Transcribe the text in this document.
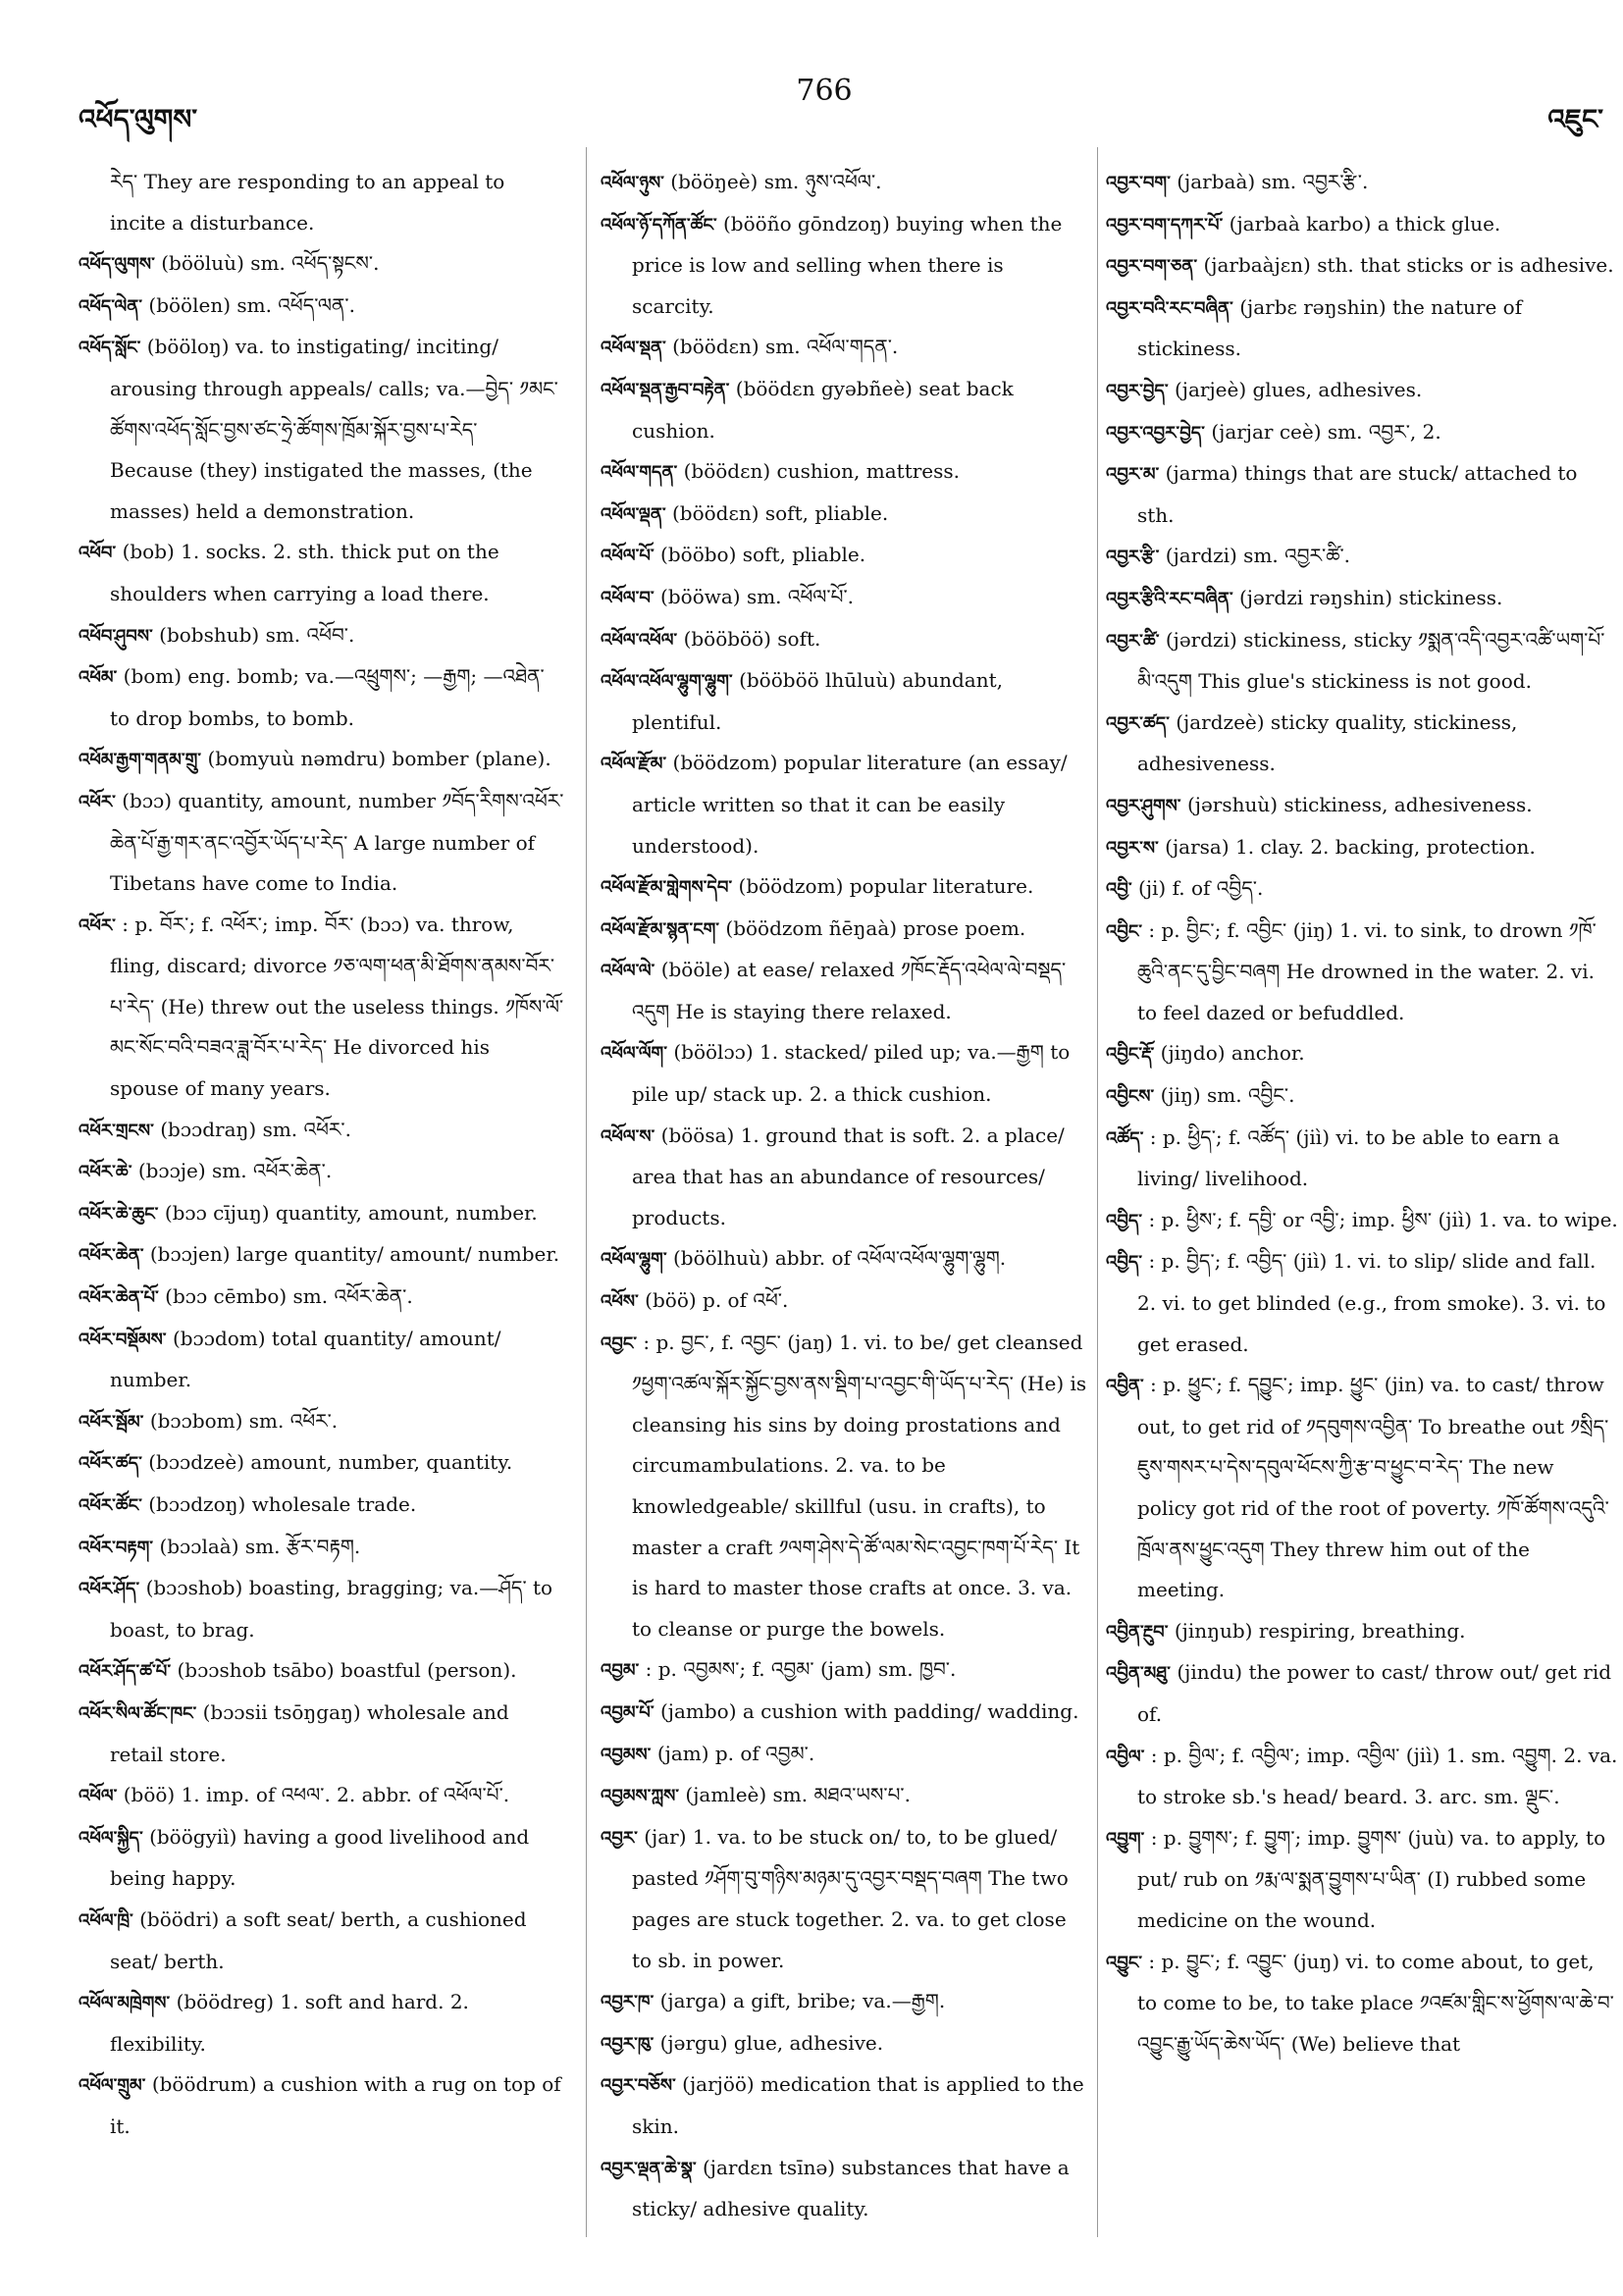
འཕོད་ལུགས་
766
འཇུང་

རེད་ They are responding to an appeal to incite a disturbance.

འཕོད་ལུགས་ (bööluù) sm. འཕོད་སྟངས་.

འཕོད་ལེན་ (böölen) sm. འཕོད་ལན་.

འཕོད་སློང་ (bööloŋ) va. to instigating/ inciting/ arousing through appeals/ calls; va.—བྱེད་ ༡མང་ཚོགས་འཕོད་སློང་བྱས་ཙང་ཧྲེ་ཚོགས་ཁྲོམ་སྐོར་བྱས་པ་རེད་ Because (they) instigated the masses, (the masses) held a demonstration.

འཕོབ་ (bob) 1. socks. 2. sth. thick put on the shoulders when carrying a load there.

འཕོབ་ཤུབས་ (bobshub) sm. འཕོབ་.

འཕོམ་ (bom) eng. bomb; va.—འཕྲུགས་; —རྒྱག; —འཐེན་ to drop bombs, to bomb.

འཕོམ་རྒྱག་གནམ་གྲུ་ (bomyuù nəmdru) bomber (plane).

འཕོར་ (bɔɔ) quantity, amount, number ༡བོད་རིགས་འཕོར་ཆེན་པོ་རྒྱ་གར་ནང་འབྱོར་ཡོད་པ་རེད་ A large number of Tibetans have come to India.

འཕོར་ : p. བོར་; f. འཕོར་; imp. བོར་ (bɔɔ) va. throw, fling, discard; divorce ༡ཅ་ལག་ཕན་མི་ཐོགས་ནམས་བོར་པ་རེད་ (He) threw out the useless things. ༡ཁོས་ལོ་མང་སོང་བའི་བཟའ་ཟླ་བོར་པ་རེད་ He divorced his spouse of many years.

འཕོར་གྲངས་ (bɔɔdraŋ) sm. འཕོར་.

འཕོར་ཆེ་ (bɔɔje) sm. འཕོར་ཆེན་.

འཕོར་ཆེ་ཆུང་ (bɔɔ cījuŋ) quantity, amount, number.

འཕོར་ཆེན་ (bɔɔjen) large quantity/ amount/ number.

འཕོར་ཆེན་པོ་ (bɔɔ cēmbo) sm. འཕོར་ཆེན་.

འཕོར་བསྡོམས་ (bɔɔdom) total quantity/ amount/ number.

འཕོར་སྦོམ་ (bɔɔbom) sm. འཕོར་.

འཕོར་ཚད་ (bɔɔdzeè) amount, number, quantity.

འཕོར་ཚོང་ (bɔɔdzoŋ) wholesale trade.

འཕོར་བརྟག་ (bɔɔlaà) sm. རྩོར་བརྟག.

འཕོར་ཤོད་ (bɔɔshob) boasting, bragging; va.—ཤོད་ to boast, to brag.

འཕོར་ཤོད་ཚ་པོ་ (bɔɔshob tsābo) boastful (person).

འཕོར་སིལ་ཚོང་ཁང་ (bɔɔsii tsōŋgaŋ) wholesale and retail store.

འཕོལ་ (böö) 1. imp. of འཕལ་. 2. abbr. of འཕོལ་པོ་.

འཕོལ་སྐྱིད་ (böögyiì) having a good livelihood and being happy.

འཕོལ་ཁྲི་ (böödri) a soft seat/ berth, a cushioned seat/ berth.

འཕོལ་མཁྲེགས་ (böödreg) 1. soft and hard. 2. flexibility.

འཕོལ་གྲུམ་ (böödrum) a cushion with a rug on top of it.

འཕོལ་ཉུས་ (bööŋeè) sm. ཉུས་འཕོལ་.

འཕོལ་ཉོ་དཀོན་ཚོང་ (bööño gōndzoŋ) buying when the price is low and selling when there is scarcity.

འཕོལ་སྡན་ (böödɛn) sm. འཕོལ་གདན་.

འཕོལ་སྡན་རྒྱབ་བརྟེན་ (böödɛn gyəbñeè) seat back cushion.

འཕོལ་གདན་ (böödɛn) cushion, mattress.

འཕོལ་ལྡན་ (böödɛn) soft, pliable.

འཕོལ་པོ་ (bööbo) soft, pliable.

འཕོལ་བ་ (bööwa) sm. འཕོལ་པོ་.

འཕོལ་འཕོལ་ (bööböö) soft.

འཕོལ་འཕོལ་ལྷུག་ལྷུག་ (bööböö lhūluù) abundant, plentiful.

འཕོལ་རྫོམ་ (böödzom) popular literature (an essay/ article written so that it can be easily understood).

འཕོལ་རྫོམ་གླེགས་དེབ་ (böödzom) popular literature.

འཕོལ་རྫོམ་སྙན་ངག་ (böödzom ñēŋaà) prose poem.

འཕོལ་ལེ་ (bööle) at ease/ relaxed ༡ཁོང་རྡོད་འཕེལ་ལེ་བསྡད་འདུག He is staying there relaxed.

འཕོལ་ལོག་ (böölɔɔ) 1. stacked/ piled up; va.—རྒྱག to pile up/ stack up. 2. a thick cushion.

འཕོལ་ས་ (böösa) 1. ground that is soft. 2. a place/ area that has an abundance of resources/ products.

འཕོལ་ལྷུག་ (böölhuù) abbr. of འཕོལ་འཕོལ་ལྷུག་ལྷུག.

འཕོས་ (böö) p. of འཕོ་.

འབྱང་ : p. བྱང་, f. འབྱང་ (jaŋ) 1. vi. to be/ get cleansed ༡ཕྱག་འཚལ་སྐོར་སྐྱོང་བྱས་ནས་སྡིག་པ་འབྱང་གི་ཡོད་པ་རེད་ (He) is cleansing his sins by doing prostations and circumambulations. 2. va. to be knowledgeable/ skillful (usu. in crafts), to master a craft ༡ལག་ཤེས་དེ་ཚོ་ལམ་སེང་འབྱང་ཁག་པོ་རེད་ It is hard to master those crafts at once. 3. va. to cleanse or purge the bowels.

འབྱམ་ : p. འབྱམས་; f. འབྱམ་ (jam) sm. ཁྱབ་.

འབྱམ་པོ་ (jambo) a cushion with padding/ wadding.

འབྱམས་ (jam) p. of འབྱམ་.

འབྱམས་ཀླས་ (jamleè) sm. མཐའ་ཡས་པ་.

འབྱར་ (jar) 1. va. to be stuck on/ to, to be glued/ pasted ༡ཤོག་བུ་གཉིས་མཉམ་དུ་འབྱར་བསྡད་བཞག The two pages are stuck together. 2. va. to get close to sb. in power.

འབྱར་ཁ་ (jarga) a gift, bribe; va.—རྒྱག.

འབྱར་ཁུ་ (jərgu) glue, adhesive.

འབྱར་བཅོས་ (jarjöö) medication that is applied to the skin.

འབྱར་ལྡན་ཆེ་སྣ་ (jardɛn tsīnə) substances that have a sticky/ adhesive quality.

འབྱར་བག་ (jarbaà) sm. འབྱར་རྩི་.

འབྱར་བག་དཀར་པོ་ (jarbaà karbo) a thick glue.

འབྱར་བག་ཅན་ (jarbaàjɛn) sth. that sticks or is adhesive.

འབྱར་བའི་རང་བཞིན་ (jarbɛ rəŋshin) the nature of stickiness.

འབྱར་བྱེད་ (jarjeè) glues, adhesives.

འབྱར་འབྱར་བྱེད་ (jarjar ceè) sm. འབྱར་, 2.

འབྱར་མ་ (jarma) things that are stuck/ attached to sth.

འབྱར་རྩི་ (jardzi) sm. འབྱར་ཚི་.

འབྱར་རྩིའི་རང་བཞིན་ (jərdzi rəŋshin) stickiness.

འབྱར་ཚི་ (jərdzi) stickiness, sticky ༡སྨན་འདི་འབྱར་འཚི་ཡག་པོ་མི་འདུག This glue's stickiness is not good.

འབྱར་ཚད་ (jardzeè) sticky quality, stickiness, adhesiveness.

འབྱར་ཤུགས་ (jərshuù) stickiness, adhesiveness.

འབྱར་ས་ (jarsa) 1. clay. 2. backing, protection.

འབྱི་ (ji) f. of འབྱིད་.

འབྱིང་ : p. བྱིང་; f. འབྱིང་ (jiŋ) 1. vi. to sink, to drown ༡ཁོ་ཆུའི་ནང་དུ་བྱིང་བཞག He drowned in the water. 2. vi. to feel dazed or befuddled.

འབྱིང་རྡོ་ (jiŋdo) anchor.

འབྱིངས་ (jiŋ) sm. འབྱིང་.

འཚོད་ : p. ཕྱིད་; f. འཚོད་ (jiì) vi. to be able to earn a living/ livelihood.

འབྱིད་ : p. ཕྱིས་; f. དབྱི་ or འབྱི་; imp. ཕྱིས་ (jiì) 1. va. to wipe.

འབྱིད་ : p. བྱིད་; f. འབྱིད་ (jiì) 1. vi. to slip/ slide and fall. 2. vi. to get blinded (e.g., from smoke). 3. vi. to get erased.

འབྱིན་ : p. ཕྱུང་; f. དབྱུང་; imp. ཕྱུང་ (jin) va. to cast/ throw out, to get rid of ༡དབུགས་འབྱིན་ To breathe out ༡སྲིད་ཇུས་གསར་པ་དེས་དབུལ་ཕོངས་ཀྱི་རྩ་བ་ཕྱུང་བ་རེད་ The new policy got rid of the root of poverty. ༡ཁོ་ཚོགས་འདུའི་ཁྲོལ་ནས་ཕྱུང་འདུག They threw him out of the meeting.

འབྱིན་རྔུབ་ (jinŋub) respiring, breathing.

འབྱིན་མཐུ་ (jindu) the power to cast/ throw out/ get rid of.

འབྱིལ་ : p. བྱིལ་; f. འབྱིལ་; imp. འབྱིལ་ (jiì) 1. sm. འབྱུག. 2. va. to stroke sb.'s head/ beard. 3. arc. sm. ལྡུང་.

འབྱུག་ : p. བྱུགས་; f. བྱུག་; imp. བྱུགས་ (juù) va. to apply, to put/ rub on ༡རྨ་ལ་སྨན་བྱུགས་པ་ཡིན་ (I) rubbed some medicine on the wound.

འབྱུང་ : p. བྱུང་; f. འབྱུང་ (juŋ) vi. to come about, to get, to come to be, to take place ༡འཛམ་གླིང་ས་ཕྱོགས་ལ་ཆེ་བ་འབྱུང་རྒྱུ་ཡོད་ཆེས་ཡོད་ (We) believe that
